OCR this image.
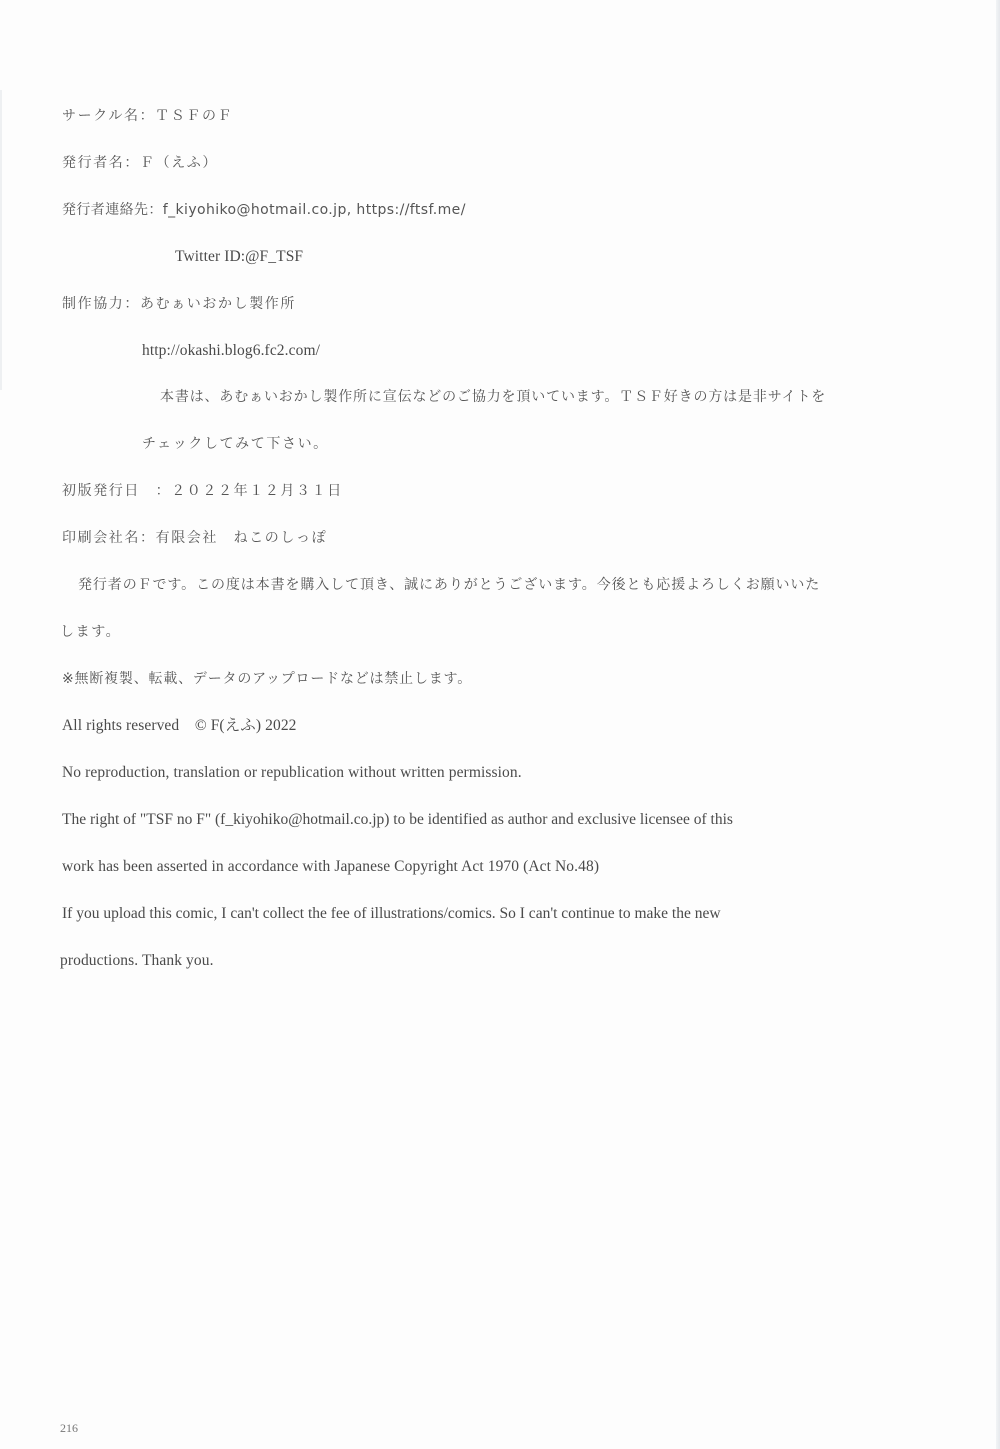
サークル名：ＴＳＦのＦ
発行者名：Ｆ（えふ）
発行者連絡先：f_kiyohiko@hotmail.co.jp, https://ftsf.me/
Twitter ID:@F_TSF
制作協力：あむぁいおかし製作所
http://okashi.blog6.fc2.com/
本書は、あむぁいおかし製作所に宣伝などのご協力を頂いています。ＴＳＦ好きの方は是非サイトを
チェックしてみて下さい。
初版発行日　：２０２２年１２月３１日
印刷会社名：有限会社　ねこのしっぽ
発行者のＦです。この度は本書を購入して頂き、誠にありがとうございます。今後とも応援よろしくお願いいた
します。
※無断複製、転載、データのアップロードなどは禁止します。
All rights reserved　© F(えふ) 2022
No reproduction, translation or republication without written permission.
The right of "TSF no F" (f_kiyohiko@hotmail.co.jp) to be identified as author and exclusive licensee of this
work has been asserted in accordance with Japanese Copyright Act 1970 (Act No.48)
If you upload this comic, I can't collect the fee of illustrations/comics. So I can't continue to make the new
productions. Thank you.
216
